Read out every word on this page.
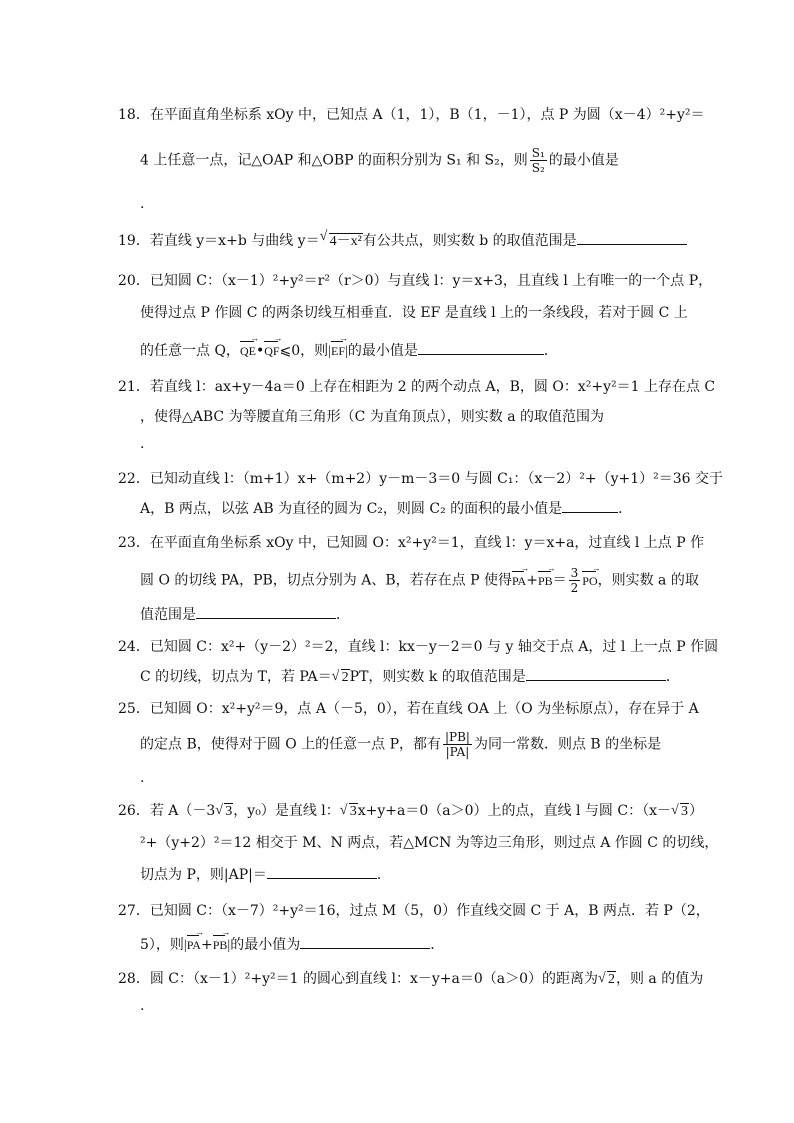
18．在平面直角坐标系 xOy 中，已知点 A（1，1），B（1，－1），点 P 为圆（x－4）²+y²＝
4 上任意一点，记△OAP 和△OBP 的面积分别为 S₁ 和 S₂，则 $\frac{\text{S₁}}{\text{S₂}}$ 的最小值是
.
19．若直线 y＝x+b 与曲线 y＝ √ 4－x²有公共点，则实数 b 的取值范围是
20．已知圆 C：（x－1）²+y²＝r²（r＞0）与直线 l：y＝x+3，且直线 l 上有唯一的一个点 P，
使得过点 P 作圆 C 的两条切线互相垂直．设 EF 是直线 l 上的一条线段，若对于圆 C 上
的任意一点 Q，QE →•QF →⩽0，则|EF →|的最小值是	．
21．若直线 l：ax+y－4a＝0 上存在相距为 2 的两个动点 A，B，圆 O：x²+y²＝1 上存在点 C
，使得△ABC 为等腰直角三角形（C 为直角顶点），则实数 a 的取值范围为
.
22．已知动直线 l：（m+1）x+（m+2）y－m－3＝0 与圆 C₁：（x－2）²+（y+1）²＝36 交于
A，B 两点，以弦 AB 为直径的圆为 C₂，则圆 C₂ 的面积的最小值是	．
23．在平面直角坐标系 xOy 中，已知圆 O：x²+y²＝1，直线 l：y＝x+a，过直线 l 上点 P 作
圆 O 的切线 PA，PB，切点分别为 A、B，若存在点 P 使得PA $\to+PB \to= \frac{3}{2}$ PO →，则实数 a 的取
值范围是	．
24．已知圆 C：x²+（y－2）²＝2，直线 l：kx－y－2＝0 与 y 轴交于点 A，过 l 上一点 P 作圆
C 的切线，切点为 T，若 PA＝ √ 2PT，则实数 k 的取值范围是	．
25．已知圆 O：x²+y²＝9，点 A（－5，0），若在直线 OA 上（O 为坐标原点），存在异于 A
的定点 B，使得对于圆 O 上的任意一点 P，都有 $\frac{|PB|}{|PA|}$ 为同一常数．则点 B 的坐标是
.
26．若 A（－3 √ 3，y₀）是直线 l： √ 3x+y+a＝0（a＞0）上的点，直线 l 与圆 C：（x－ √ 3）
²+（y+2）²＝12 相交于 M、N 两点，若△MCN 为等边三角形，则过点 A 作圆 C 的切线，
切点为 P，则|AP|＝	．
27．已知圆 C：（x－7）²+y²＝16，过点 M（5，0）作直线交圆 C 于 A，B 两点．若 P（2，
5），则|PA →+PB →|的最小值为	．
28．圆 C：（x－1）²+y²＝1 的圆心到直线 l：x－y+a＝0（a＞0）的距离为 √ 2，则 a 的值为
.
